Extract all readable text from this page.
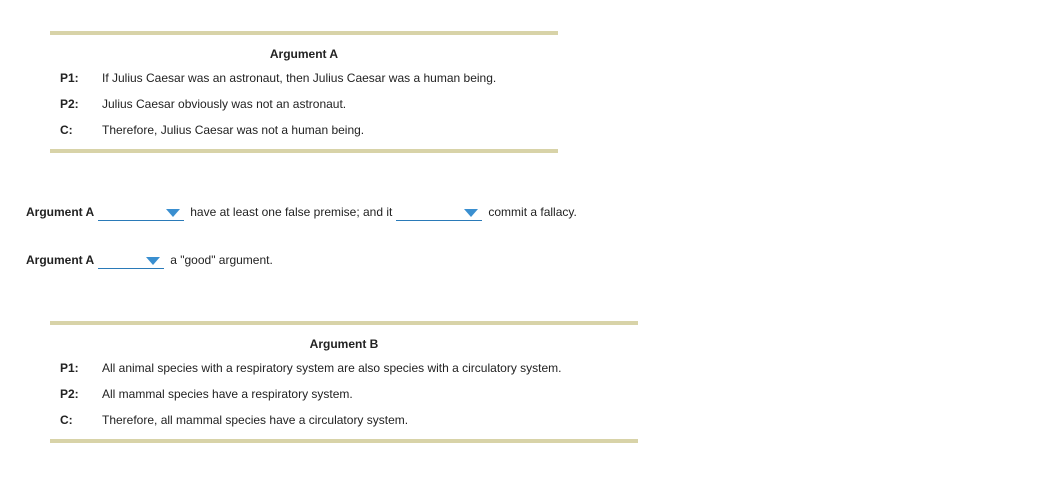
Argument A
P1: If Julius Caesar was an astronaut, then Julius Caesar was a human being.
P2: Julius Caesar obviously was not an astronaut.
C: Therefore, Julius Caesar was not a human being.
Argument A	have at least one false premise; and it	commit a fallacy.
Argument A	a "good" argument.
Argument B
P1: All animal species with a respiratory system are also species with a circulatory system.
P2: All mammal species have a respiratory system.
C: Therefore, all mammal species have a circulatory system.
